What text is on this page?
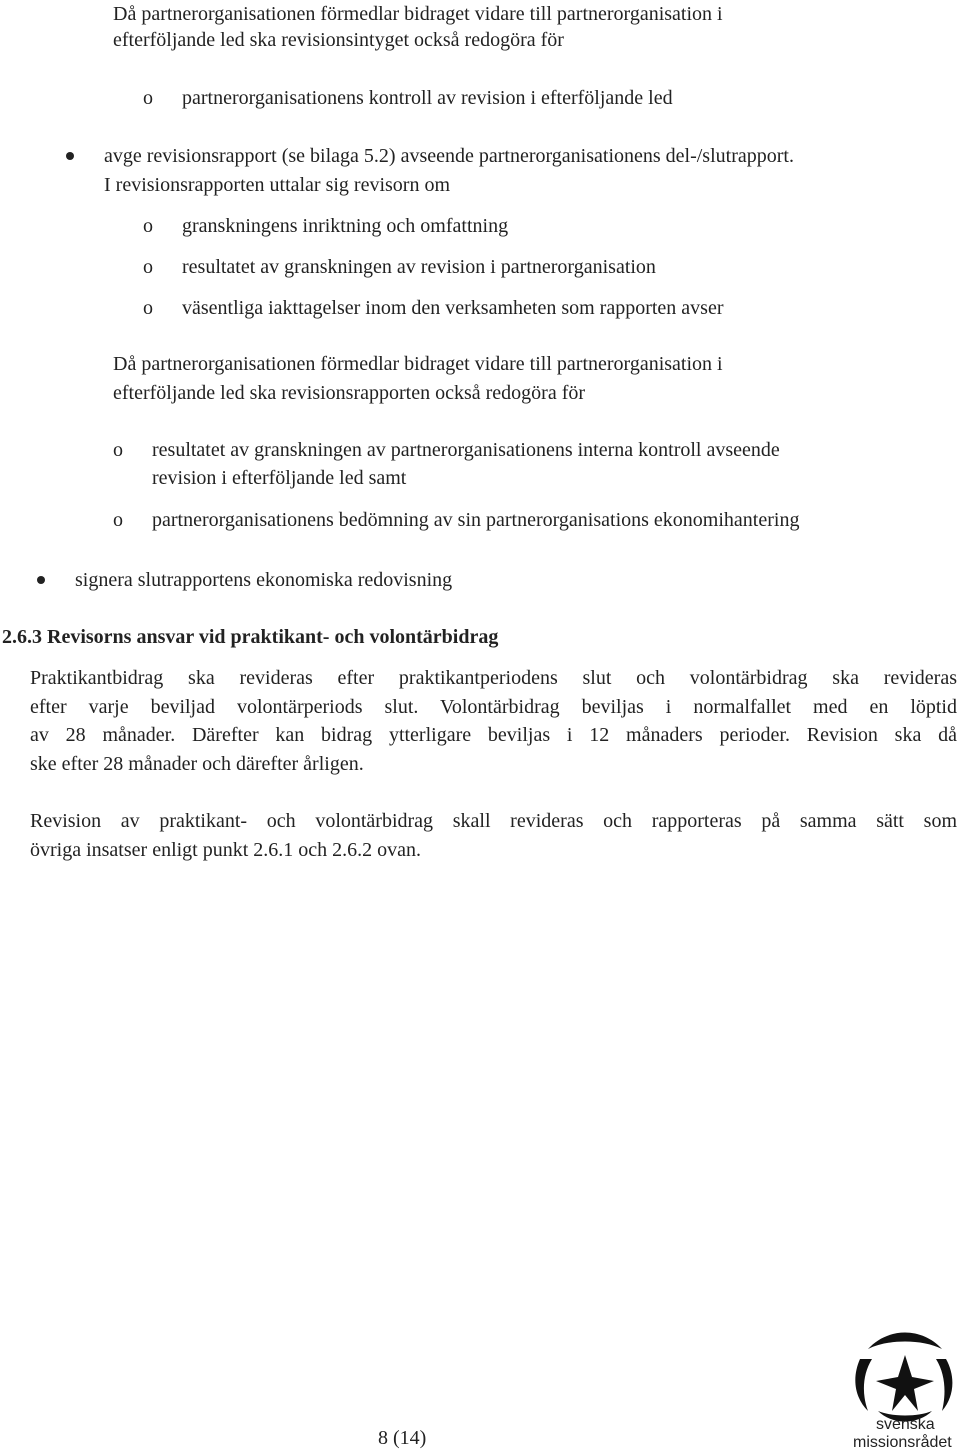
Då partnerorganisationen förmedlar bidraget vidare till partnerorganisation i

efterföljande led ska revisionsintyget också redogöra för

o partnerorganisationens kontroll av revision i efterföljande led

avge revisionsrapport (se bilaga 5.2) avseende partnerorganisationens del-/slutrapport.

I revisionsrapporten uttalar sig revisorn om

o granskningens inriktning och omfattning

o resultatet av granskningen av revision i partnerorganisation

o väsentliga iakttagelser inom den verksamheten som rapporten avser

Då partnerorganisationen förmedlar bidraget vidare till partnerorganisation i

efterföljande led ska revisionsrapporten också redogöra för

o resultatet av granskningen av partnerorganisationens interna kontroll avseende

revision i efterföljande led samt

o partnerorganisationens bedömning av sin partnerorganisations ekonomihantering

signera slutrapportens ekonomiska redovisning

2.6.3 Revisorns ansvar vid praktikant- och volontärbidrag

Praktikantbidrag ska revideras efter praktikantperiodens slut och volontärbidrag ska revideras
efter varje beviljad volontärperiods slut. Volontärbidrag beviljas i normalfallet med en löptid
av 28 månader. Därefter kan bidrag ytterligare beviljas i 12 månaders perioder. Revision ska då
ske efter 28 månader och därefter årligen.
Revision av praktikant- och volontärbidrag skall revideras och rapporteras på samma sätt som
övriga insatser enligt punkt 2.6.1 och 2.6.2 ovan.
8 (14)
svenska
missionsrådet
